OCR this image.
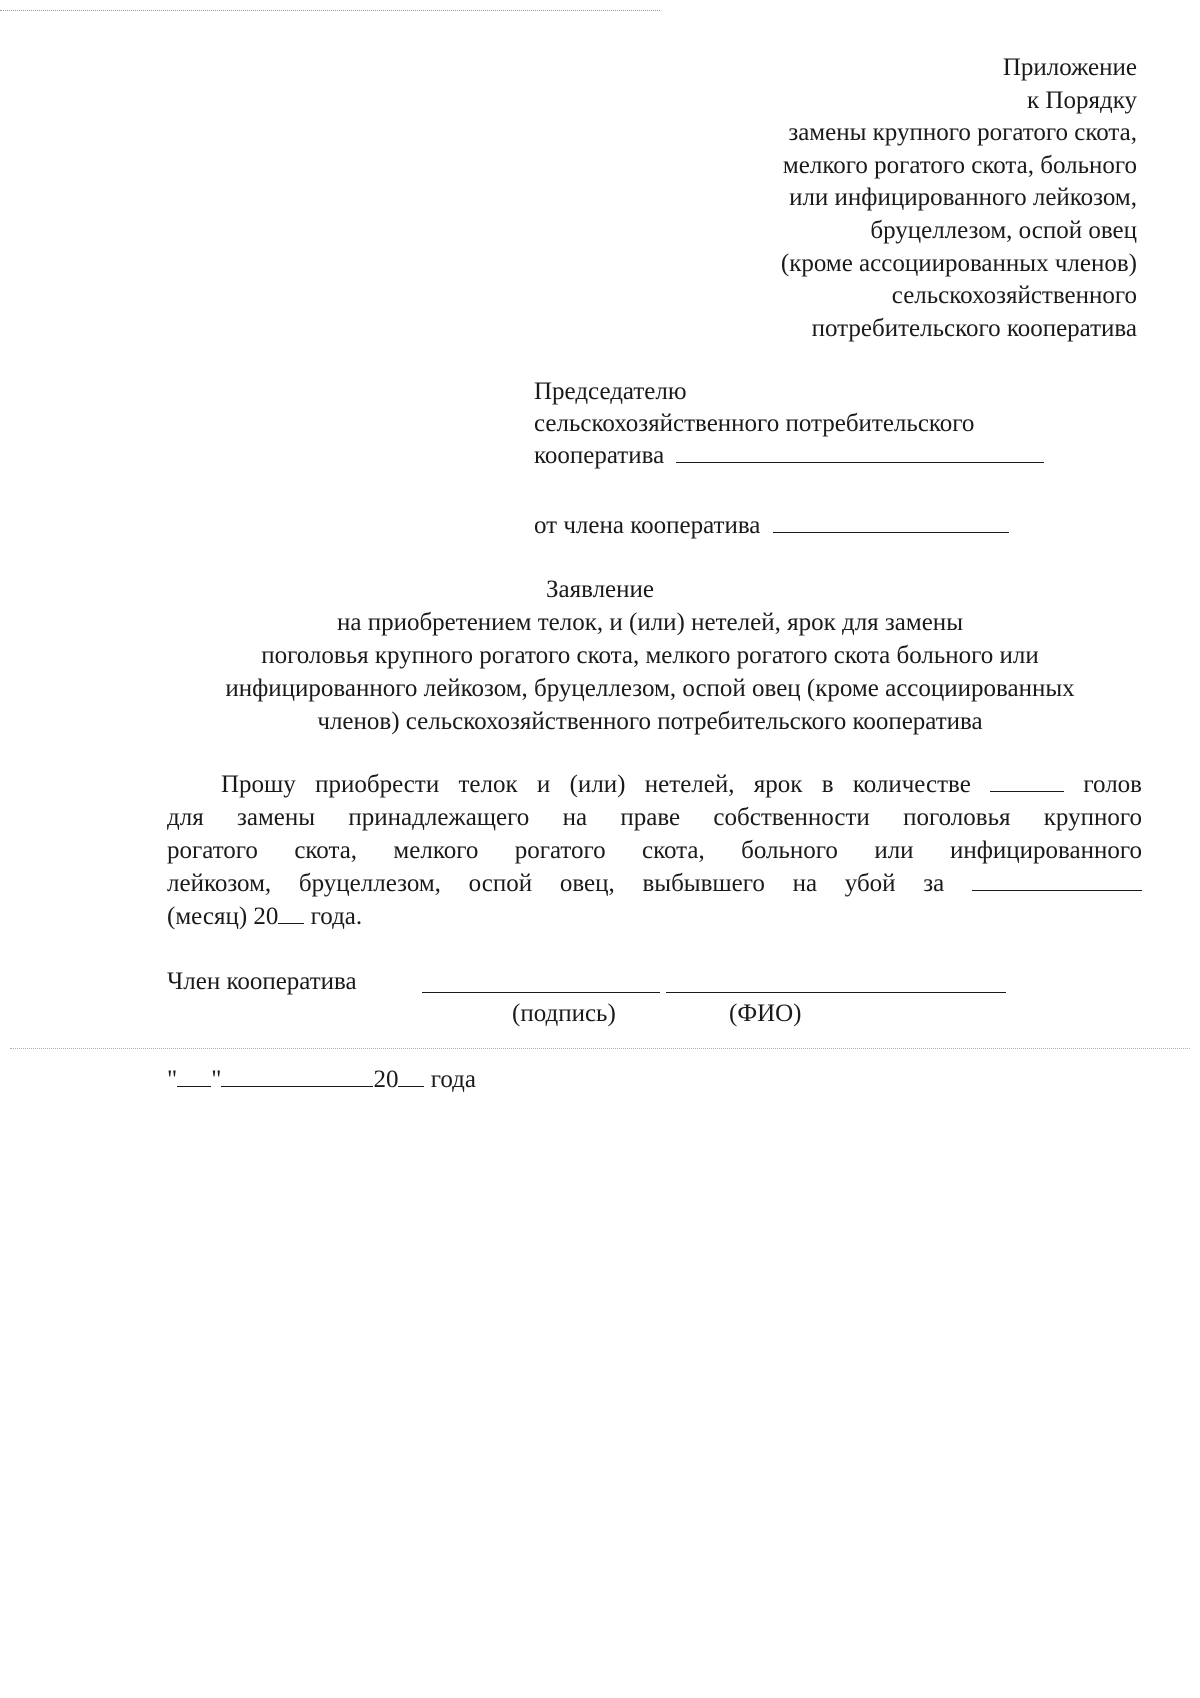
Приложение
к Порядку
замены крупного рогатого скота,
мелкого рогатого скота, больного
или инфицированного лейкозом,
бруцеллезом, оспой овец
(кроме ассоциированных членов)
сельскохозяйственного
потребительского кооператива
Председателю
сельскохозяйственного потребительского
кооператива
от члена кооператива
Заявление
на приобретением телок, и (или) нетелей, ярок для замены
поголовья крупного рогатого скота, мелкого рогатого скота больного или
инфицированного лейкозом, бруцеллезом, оспой овец (кроме ассоциированных
членов) сельскохозяйственного потребительского кооператива
Прошу приобрести телок и (или) нетелей, ярок в количестве	голов
для замены принадлежащего на праве собственности поголовья крупного
рогатого скота, мелкого рогатого скота, больного или инфицированного
лейкозом, бруцеллезом, оспой овец, выбывшего на убой за
(месяц) 20 года.
Член кооператива
(подпись)	(ФИО)
" "	20 года
